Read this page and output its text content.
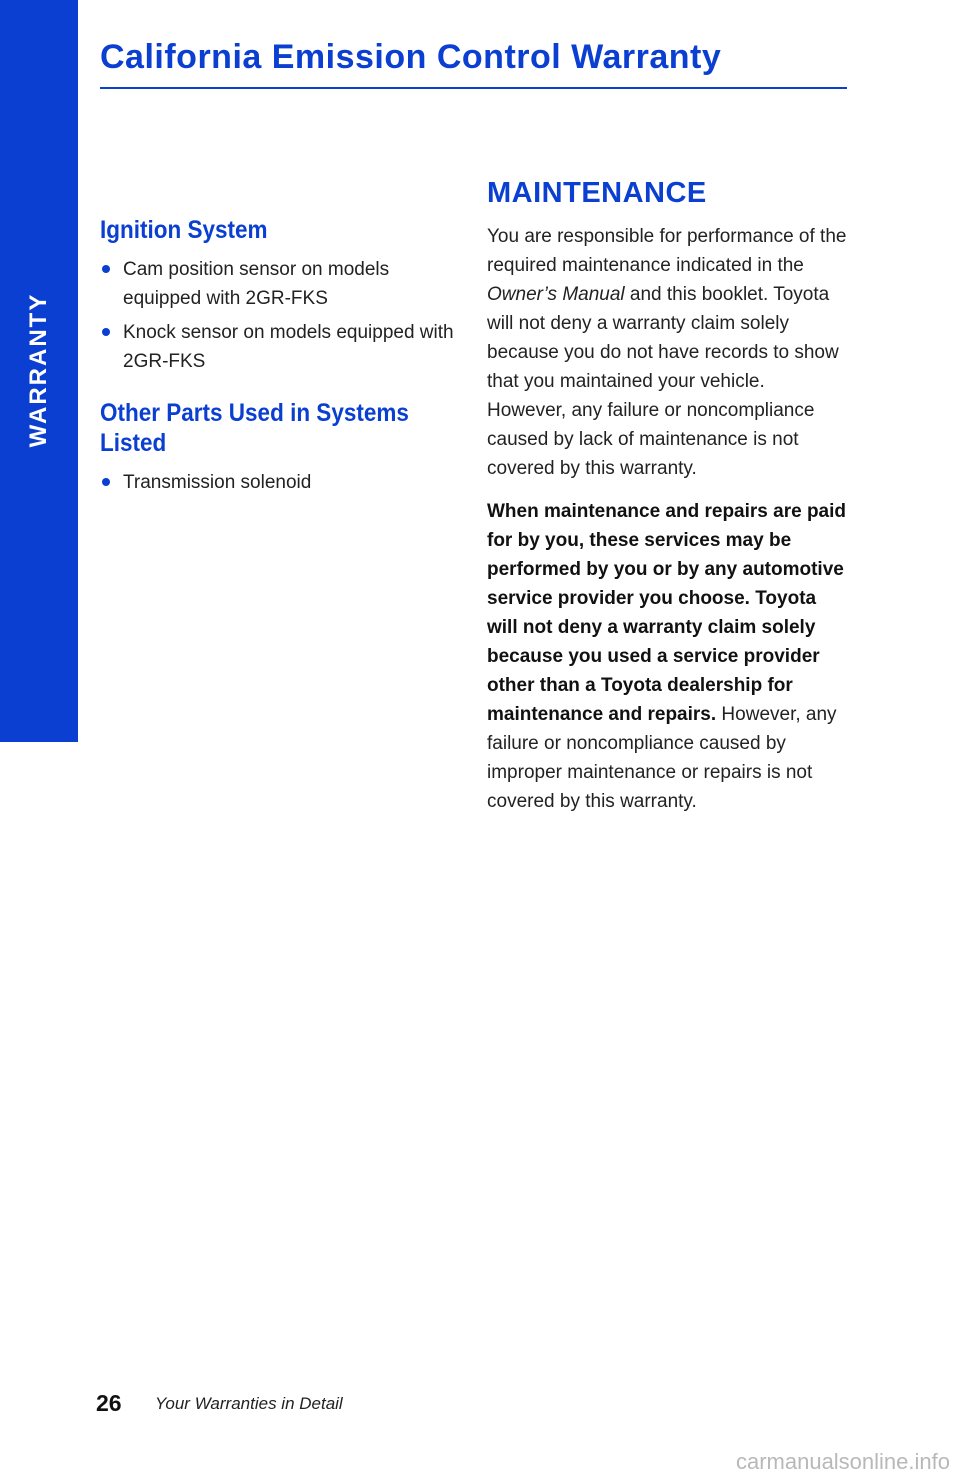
WARRANTY
California Emission Control Warranty
Ignition System
Cam position sensor on models equipped with 2GR-FKS
Knock sensor on models equipped with 2GR-FKS
Other Parts Used in Systems Listed
Transmission solenoid
MAINTENANCE

You are responsible for performance of the required maintenance indicated in the Owner’s Manual and this booklet. Toyota will not deny a warranty claim solely because you do not have records to show that you maintained your vehicle. However, any failure or noncompliance caused by lack of maintenance is not covered by this warranty.

When maintenance and repairs are paid for by you, these services may be performed by you or by any automotive service provider you choose. Toyota will not deny a warranty claim solely because you used a service provider other than a Toyota dealership for maintenance and repairs. However, any failure or noncompliance caused by improper maintenance or repairs is not covered by this warranty.

26 Your Warranties in Detail
carmanualsonline.info
